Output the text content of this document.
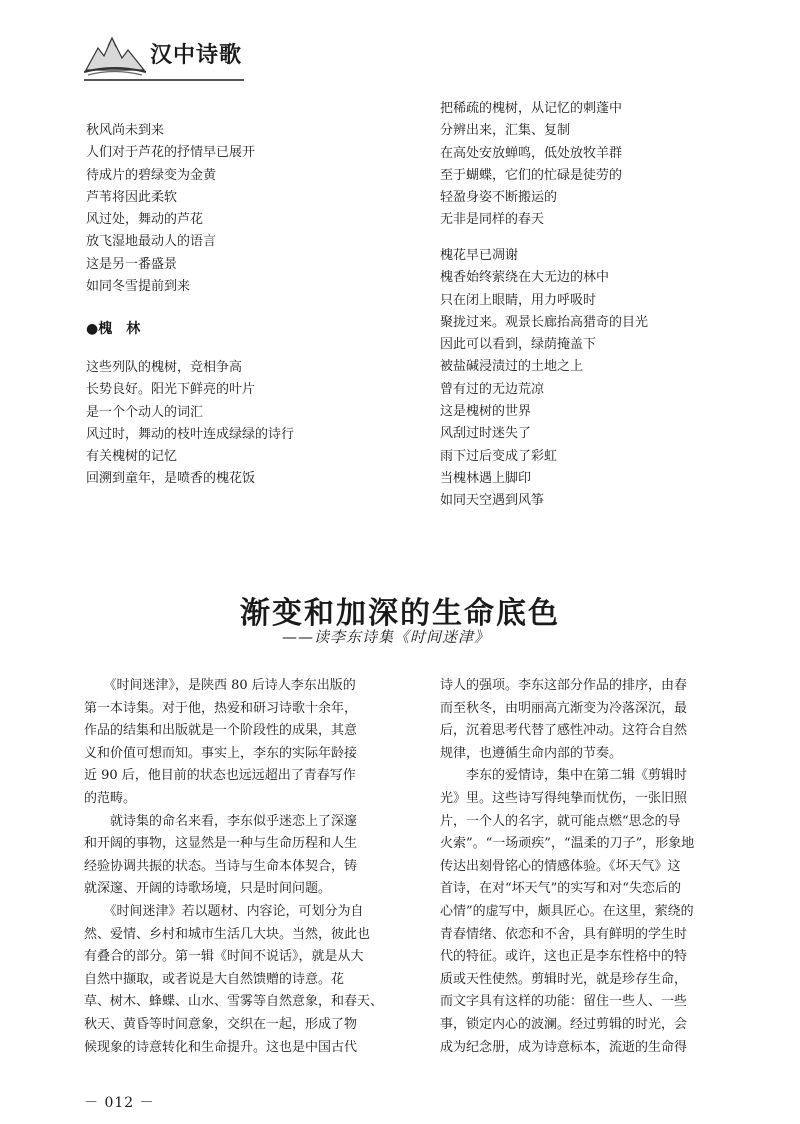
汉中诗歌
秋风尚未到来
人们对于芦花的抒情早已展开
待成片的碧绿变为金黄
芦苇将因此柔软
风过处，舞动的芦花
放飞湿地最动人的语言
这是另一番盛景
如同冬雪提前到来
●槐　林
这些列队的槐树，竞相争高
长势良好。阳光下鲜亮的叶片
是一个个动人的词汇
风过时，舞动的枝叶连成绿绿的诗行
有关槐树的记忆
回溯到童年，是喷香的槐花饭
把稀疏的槐树，从记忆的刺蓬中
分辨出来，汇集、复制
在高处安放蝉鸣，低处放牧羊群
至于蝴蝶，它们的忙碌是徒劳的
轻盈身姿不断搬运的
无非是同样的春天
槐花早已凋谢
槐香始终萦绕在大无边的林中
只在闭上眼睛，用力呼吸时
聚拢过来。观景长廊抬高猎奇的目光
因此可以看到，绿荫掩盖下
被盐碱浸渍过的土地之上
曾有过的无边荒凉
这是槐树的世界
风刮过时迷失了
雨下过后变成了彩虹
当槐林遇上脚印
如同天空遇到风筝
渐变和加深的生命底色
——读李东诗集《时间迷津》

　　《时间迷津》，是陕西 80 后诗人李东出版的

第一本诗集。对于他，热爱和研习诗歌十余年，

作品的结集和出版就是一个阶段性的成果，其意

义和价值可想而知。事实上，李东的实际年龄接

近 90 后，他目前的状态也远远超出了青春写作

的范畴。

　　就诗集的命名来看，李东似乎迷恋上了深邃

和开阔的事物，这显然是一种与生命历程和人生

经验协调共振的状态。当诗与生命本体契合，铸

就深邃、开阔的诗歌场境，只是时间问题。

　　《时间迷津》若以题材、内容论，可划分为自

然、爱情、乡村和城市生活几大块。当然，彼此也

有叠合的部分。第一辑《时间不说话》，就是从大

自然中撷取，或者说是大自然馈赠的诗意。花

草、树木、蜂蝶、山水、雪雾等自然意象，和春天、

秋天、黄昏等时间意象，交织在一起，形成了物

候现象的诗意转化和生命提升。这也是中国古代

诗人的强项。李东这部分作品的排序，由春

而至秋冬，由明丽高亢渐变为冷落深沉，最

后，沉着思考代替了感性冲动。这符合自然

规律，也遵循生命内部的节奏。

　　李东的爱情诗，集中在第二辑《剪辑时

光》里。这些诗写得纯挚而忧伤，一张旧照

片，一个人的名字，就可能点燃“思念的导

火索”。“一场顽疾”，“温柔的刀子”，形象地

传达出刻骨铭心的情感体验。《坏天气》这

首诗，在对“坏天气”的实写和对“失恋后的

心情”的虚写中，颇具匠心。在这里，萦绕的

青春情绪、依恋和不舍，具有鲜明的学生时

代的特征。或许，这也正是李东性格中的特

质或天性使然。剪辑时光，就是珍存生命，

而文字具有这样的功能：留住一些人、一些

事，锁定内心的波澜。经过剪辑的时光，会

成为纪念册，成为诗意标本，流逝的生命得

－ 012 －
